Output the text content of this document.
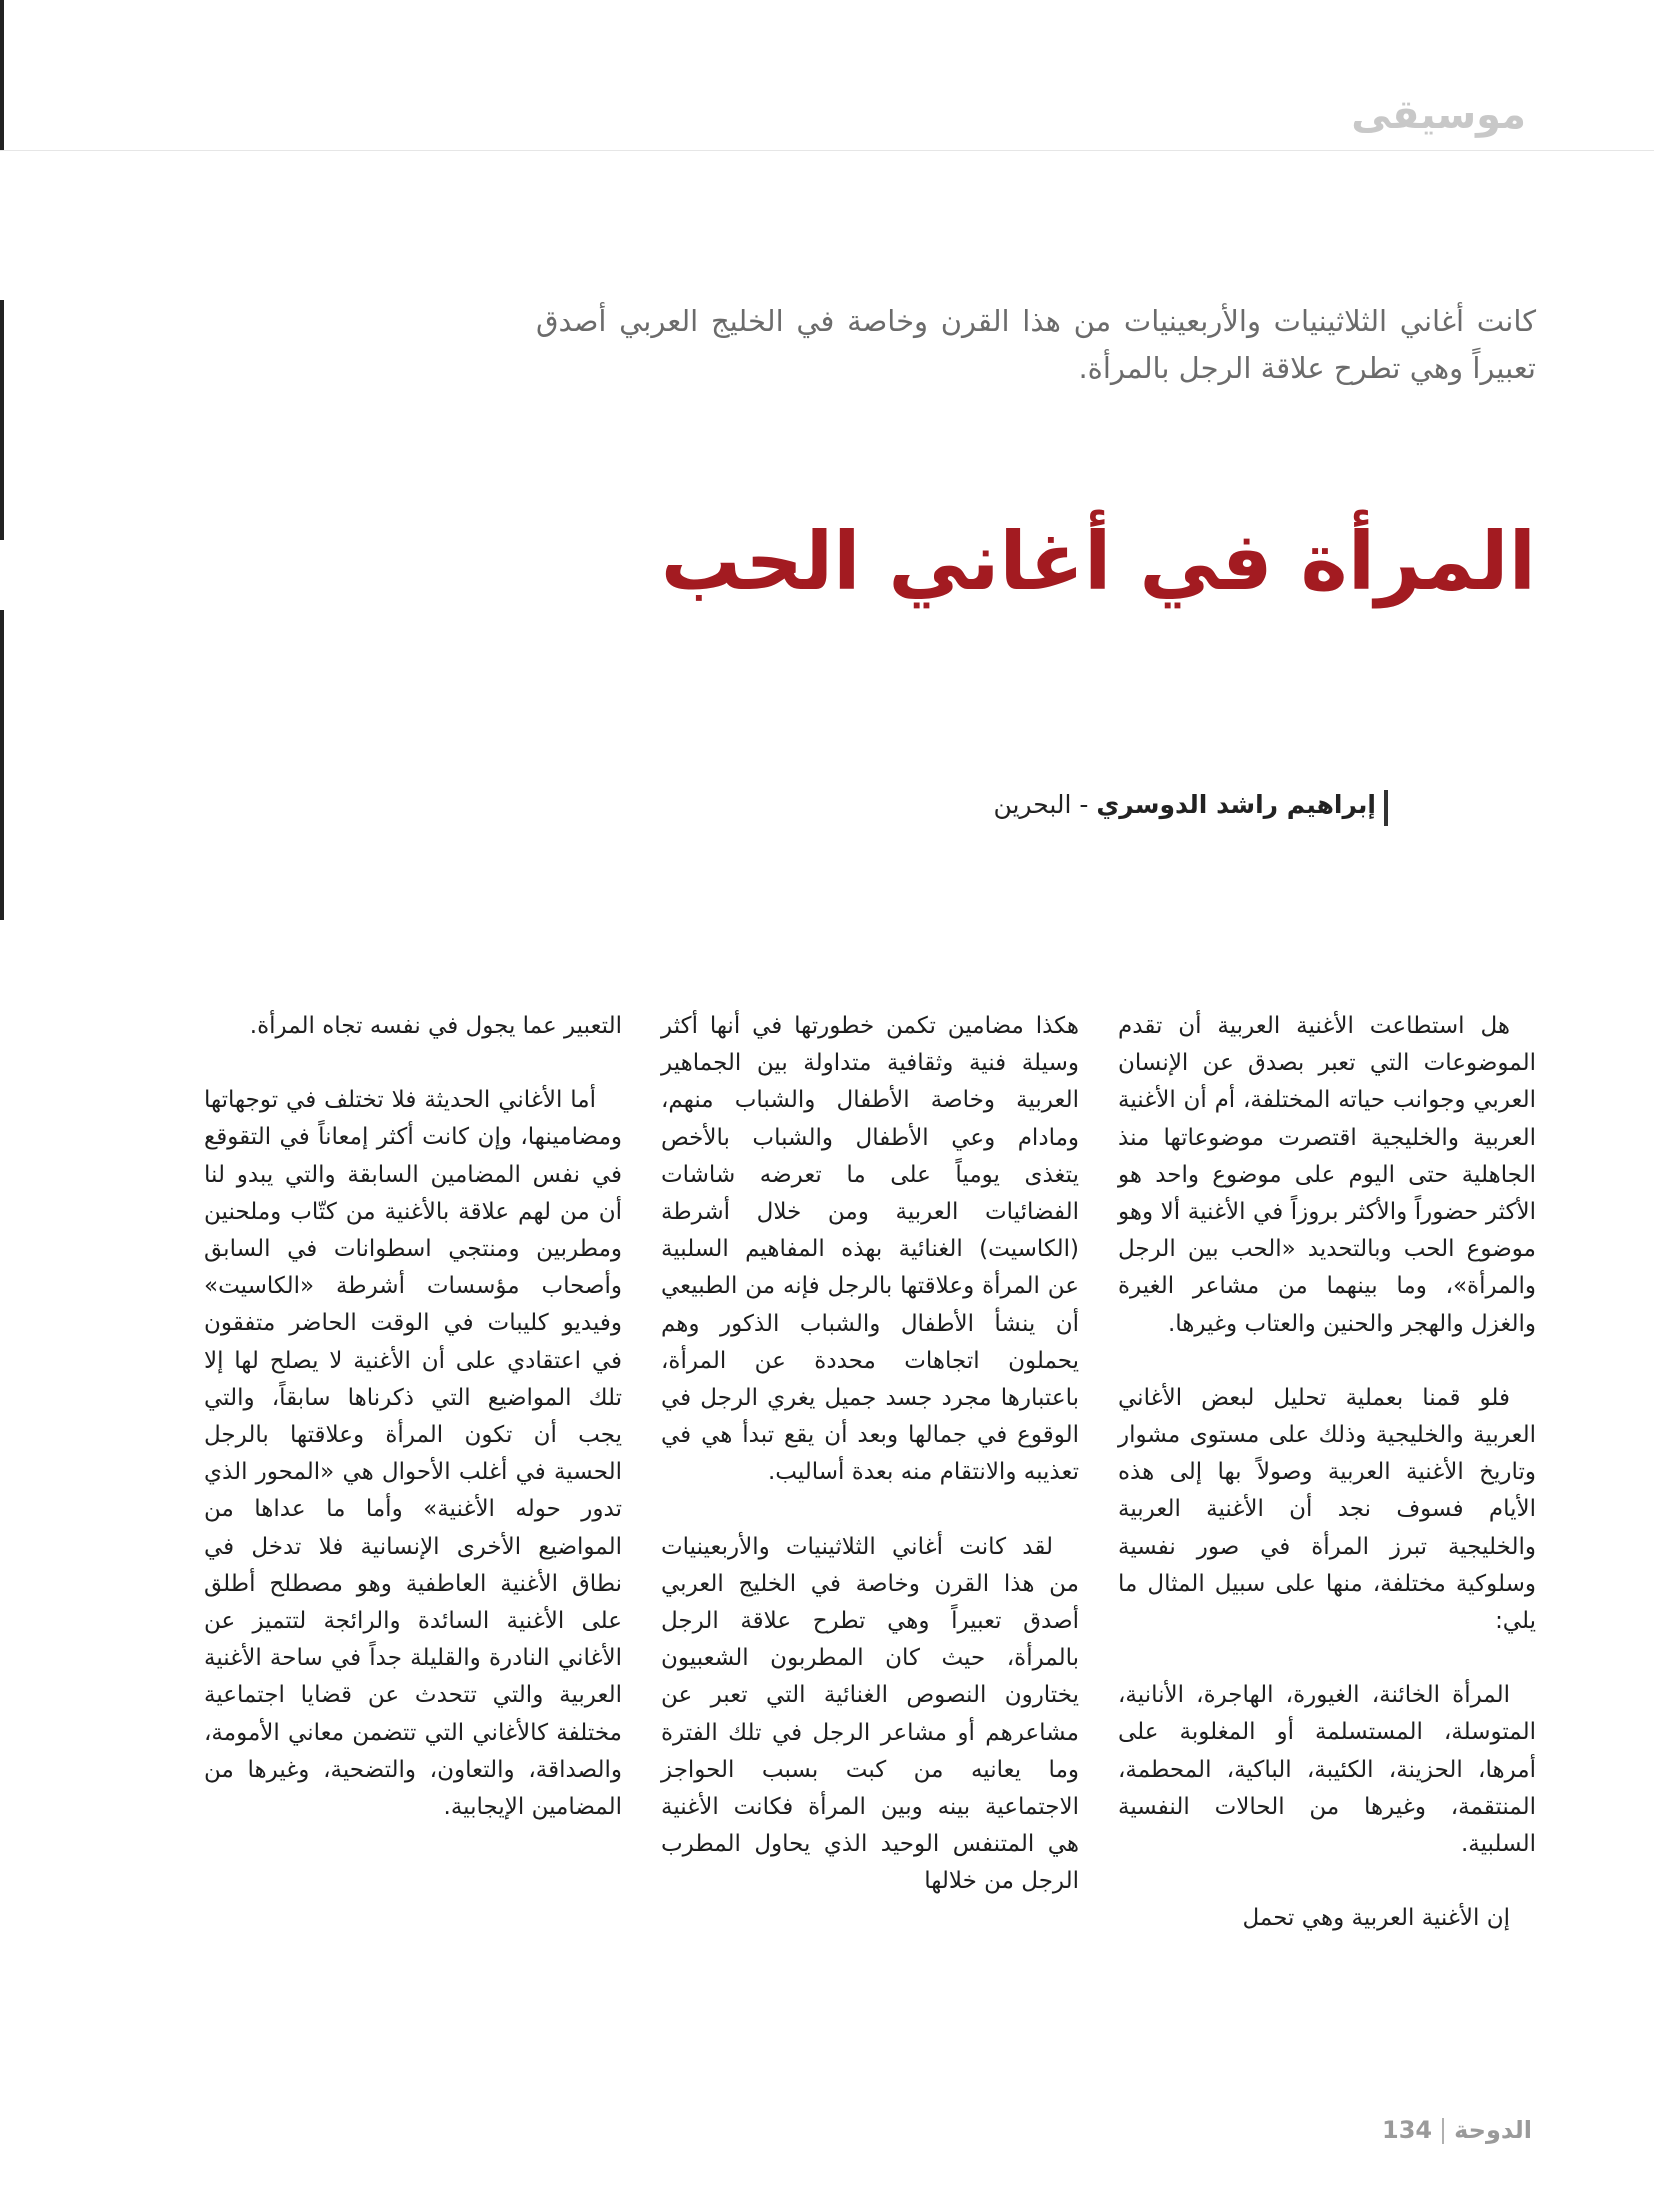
موسيقى
كانت أغاني الثلاثينيات والأربعينيات من هذا القرن وخاصة في الخليج العربي أصدق تعبيراً وهي تطرح علاقة الرجل بالمرأة.
المرأة في أغاني الحب
إبراهيم راشد الدوسري - البحرين

هل استطاعت الأغنية العربية أن تقدم الموضوعات التي تعبر بصدق عن الإنسان العربي وجوانب حياته المختلفة، أم أن الأغنية العربية والخليجية اقتصرت موضوعاتها منذ الجاهلية حتى اليوم على موضوع واحد هو الأكثر حضوراً والأكثر بروزاً في الأغنية ألا وهو موضوع الحب وبالتحديد «الحب بين الرجل والمرأة»، وما بينهما من مشاعر الغيرة والغزل والهجر والحنين والعتاب وغيرها.

فلو قمنا بعملية تحليل لبعض الأغاني العربية والخليجية وذلك على مستوى مشوار وتاريخ الأغنية العربية وصولاً بها إلى هذه الأيام فسوف نجد أن الأغنية العربية والخليجية تبرز المرأة في صور نفسية وسلوكية مختلفة، منها على سبيل المثال ما يلي:

المرأة الخائنة، الغيورة، الهاجرة، الأنانية، المتوسلة، المستسلمة أو المغلوبة على أمرها، الحزينة، الكئيبة، الباكية، المحطمة، المنتقمة، وغيرها من الحالات النفسية السلبية.

إن الأغنية العربية وهي تحمل

هكذا مضامين تكمن خطورتها في أنها أكثر وسيلة فنية وثقافية متداولة بين الجماهير العربية وخاصة الأطفال والشباب منهم، ومادام وعي الأطفال والشباب بالأخص يتغذى يومياً على ما تعرضه شاشات الفضائيات العربية ومن خلال أشرطة (الكاسيت) الغنائية بهذه المفاهيم السلبية عن المرأة وعلاقتها بالرجل فإنه من الطبيعي أن ينشأ الأطفال والشباب الذكور وهم يحملون اتجاهات محددة عن المرأة، باعتبارها مجرد جسد جميل يغري الرجل في الوقوع في جمالها وبعد أن يقع تبدأ هي في تعذيبه والانتقام منه بعدة أساليب.

لقد كانت أغاني الثلاثينيات والأربعينيات من هذا القرن وخاصة في الخليج العربي أصدق تعبيراً وهي تطرح علاقة الرجل بالمرأة، حيث كان المطربون الشعبيون يختارون النصوص الغنائية التي تعبر عن مشاعرهم أو مشاعر الرجل في تلك الفترة وما يعانيه من كبت بسبب الحواجز الاجتماعية بينه وبين المرأة فكانت الأغنية هي المتنفس الوحيد الذي يحاول المطرب الرجل من خلالها

التعبير عما يجول في نفسه تجاه المرأة.

أما الأغاني الحديثة فلا تختلف في توجهاتها ومضامينها، وإن كانت أكثر إمعاناً في التقوقع في نفس المضامين السابقة والتي يبدو لنا أن من لهم علاقة بالأغنية من كتّاب وملحنين ومطربين ومنتجي اسطوانات في السابق وأصحاب مؤسسات أشرطة «الكاسيت» وفيديو كليبات في الوقت الحاضر متفقون في اعتقادي على أن الأغنية لا يصلح لها إلا تلك المواضيع التي ذكرناها سابقاً، والتي يجب أن تكون المرأة وعلاقتها بالرجل الحسية في أغلب الأحوال هي «المحور الذي تدور حوله الأغنية» وأما ما عداها من المواضيع الأخرى الإنسانية فلا تدخل في نطاق الأغنية العاطفية وهو مصطلح أطلق على الأغنية السائدة والرائجة لتتميز عن الأغاني النادرة والقليلة جداً في ساحة الأغنية العربية والتي تتحدث عن قضايا اجتماعية مختلفة كالأغاني التي تتضمن معاني الأمومة، والصداقة، والتعاون، والتضحية، وغيرها من المضامين الإيجابية.

الدوحة134
